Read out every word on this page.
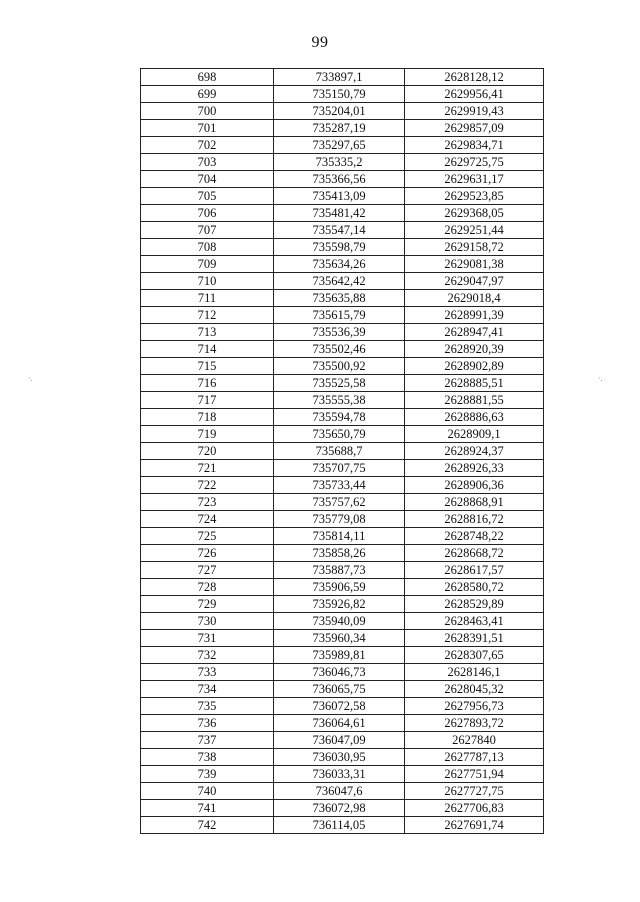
99
698	733897,1	2628128,12
699	735150,79	2629956,41
700	735204,01	2629919,43
701	735287,19	2629857,09
702	735297,65	2629834,71
703	735335,2	2629725,75
704	735366,56	2629631,17
705	735413,09	2629523,85
706	735481,42	2629368,05
707	735547,14	2629251,44
708	735598,79	2629158,72
709	735634,26	2629081,38
710	735642,42	2629047,97
711	735635,88	2629018,4
712	735615,79	2628991,39
713	735536,39	2628947,41
714	735502,46	2628920,39
715	735500,92	2628902,89
716	735525,58	2628885,51
717	735555,38	2628881,55
718	735594,78	2628886,63
719	735650,79	2628909,1
720	735688,7	2628924,37
721	735707,75	2628926,33
722	735733,44	2628906,36
723	735757,62	2628868,91
724	735779,08	2628816,72
725	735814,11	2628748,22
726	735858,26	2628668,72
727	735887,73	2628617,57
728	735906,59	2628580,72
729	735926,82	2628529,89
730	735940,09	2628463,41
731	735960,34	2628391,51
732	735989,81	2628307,65
733	736046,73	2628146,1
734	736065,75	2628045,32
735	736072,58	2627956,73
736	736064,61	2627893,72
737	736047,09	2627840
738	736030,95	2627787,13
739	736033,31	2627751,94
740	736047,6	2627727,75
741	736072,98	2627706,83
742	736114,05	2627691,74
·.	·.
